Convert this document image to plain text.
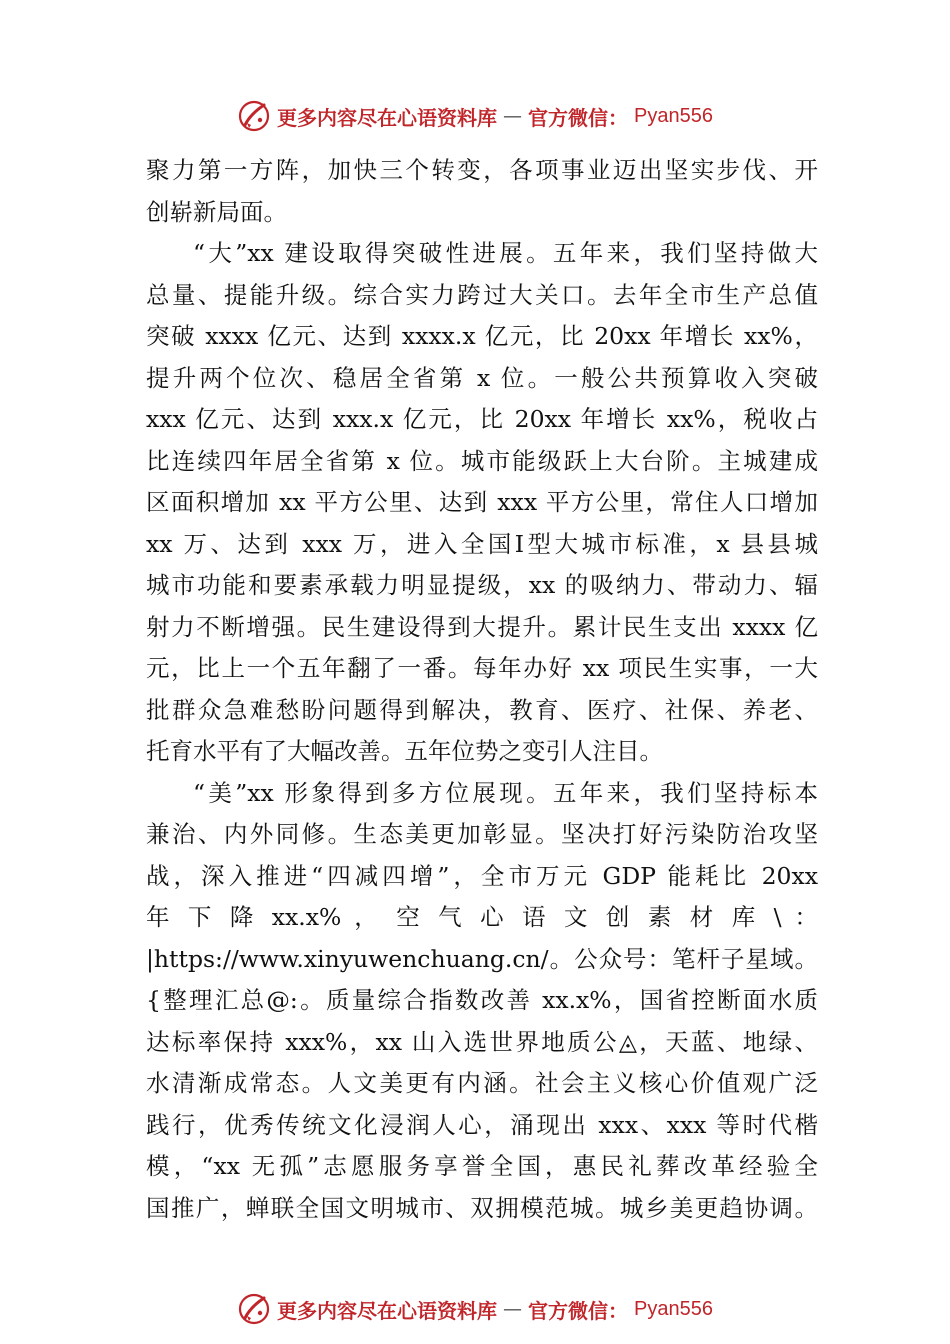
更多内容尽在心语资料库 — 官方微信： Pyan556
聚力第一方阵，加快三个转变，各项事业迈出坚实步伐、开
创崭新局面。
“大”xx 建设取得突破性进展。五年来，我们坚持做大
总量、提能升级。综合实力跨过大关口。去年全市生产总值
突破 xxxx 亿元、达到 xxxx.x 亿元，比 20xx 年增长 xx%，
提升两个位次、稳居全省第 x 位。一般公共预算收入突破
xxx 亿元、达到 xxx.x 亿元，比 20xx 年增长 xx%，税收占
比连续四年居全省第 x 位。城市能级跃上大台阶。主城建成
区面积增加 xx 平方公里、达到 xxx 平方公里，常住人口增加
xx 万、达到 xxx 万，进入全国Ⅰ型大城市标准，x 县县城
城市功能和要素承载力明显提级，xx 的吸纳力、带动力、辐
射力不断增强。民生建设得到大提升。累计民生支出 xxxx 亿
元，比上一个五年翻了一番。每年办好 xx 项民生实事，一大
批群众急难愁盼问题得到解决，教育、医疗、社保、养老、
托育水平有了大幅改善。五年位势之变引人注目。
“美”xx 形象得到多方位展现。五年来，我们坚持标本
兼治、内外同修。生态美更加彰显。坚决打好污染防治攻坚
战，深入推进“四减四增”，全市万元 GDP 能耗比 20xx
年 下 降 xx.x% ， 空 气 心 语 文 创 素 材 库 \ ：
|https://www.xinyuwenchuang.cn/。公众号：笔杆子星域。
{整理汇总@:。质量综合指数改善 xx.x%，国省控断面水质
达标率保持 xxx%，xx 山入选世界地质公◬，天蓝、地绿、
水清渐成常态。人文美更有内涵。社会主义核心价值观广泛
践行，优秀传统文化浸润人心，涌现出 xxx、xxx 等时代楷
模，“xx 无孤”志愿服务享誉全国，惠民礼葬改革经验全
国推广，蝉联全国文明城市、双拥模范城。城乡美更趋协调。
更多内容尽在心语资料库 — 官方微信： Pyan556
